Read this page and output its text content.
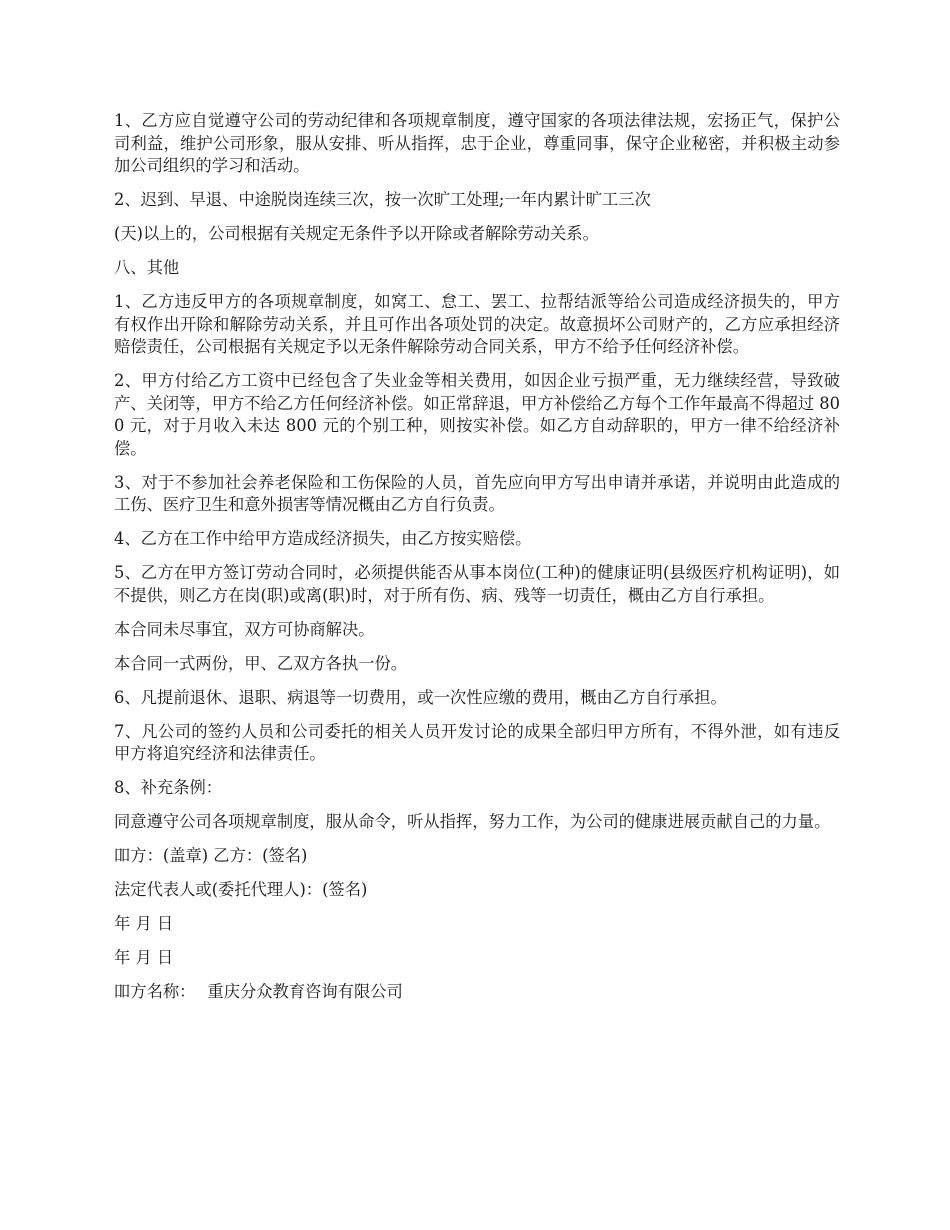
1、乙方应自觉遵守公司的劳动纪律和各项规章制度，遵守国家的各项法律法规，宏扬正气，保护公司利益，维护公司形象，服从安排、听从指挥，忠于企业，尊重同事，保守企业秘密，并积极主动参加公司组织的学习和活动。

2、迟到、早退、中途脱岗连续三次，按一次旷工处理;一年内累计旷工三次

(天)以上的，公司根据有关规定无条件予以开除或者解除劳动关系。

八、其他

1、乙方违反甲方的各项规章制度，如窝工、怠工、罢工、拉帮结派等给公司造成经济损失的，甲方有权作出开除和解除劳动关系，并且可作出各项处罚的决定。故意损坏公司财产的，乙方应承担经济赔偿责任，公司根据有关规定予以无条件解除劳动合同关系，甲方不给予任何经济补偿。

2、甲方付给乙方工资中已经包含了失业金等相关费用，如因企业亏损严重，无力继续经营，导致破产、关闭等，甲方不给乙方任何经济补偿。如正常辞退，甲方补偿给乙方每个工作年最高不得超过 800 元，对于月收入未达 800 元的个别工种，则按实补偿。如乙方自动辞职的，甲方一律不给经济补偿。

3、对于不参加社会养老保险和工伤保险的人员，首先应向甲方写出申请并承诺，并说明由此造成的工伤、医疗卫生和意外损害等情况概由乙方自行负责。

4、乙方在工作中给甲方造成经济损失，由乙方按实赔偿。

5、乙方在甲方签订劳动合同时，必须提供能否从事本岗位(工种)的健康证明(县级医疗机构证明)，如不提供，则乙方在岗(职)或离(职)时，对于所有伤、病、残等一切责任，概由乙方自行承担。

本合同未尽事宜，双方可协商解决。

本合同一式两份，甲、乙双方各执一份。

6、凡提前退休、退职、病退等一切费用，或一次性应缴的费用，概由乙方自行承担。

7、凡公司的签约人员和公司委托的相关人员开发讨论的成果全部归甲方所有，不得外泄，如有违反甲方将追究经济和法律责任。

8、补充条例：

同意遵守公司各项规章制度，服从命令，听从指挥，努力工作，为公司的健康进展贡献自己的力量。

吅方：(盖章) 乙方：(签名)

法定代表人或(委托代理人)：(签名)

年 月 日

年 月 日

吅方名称： 重庆分众教育咨询有限公司
